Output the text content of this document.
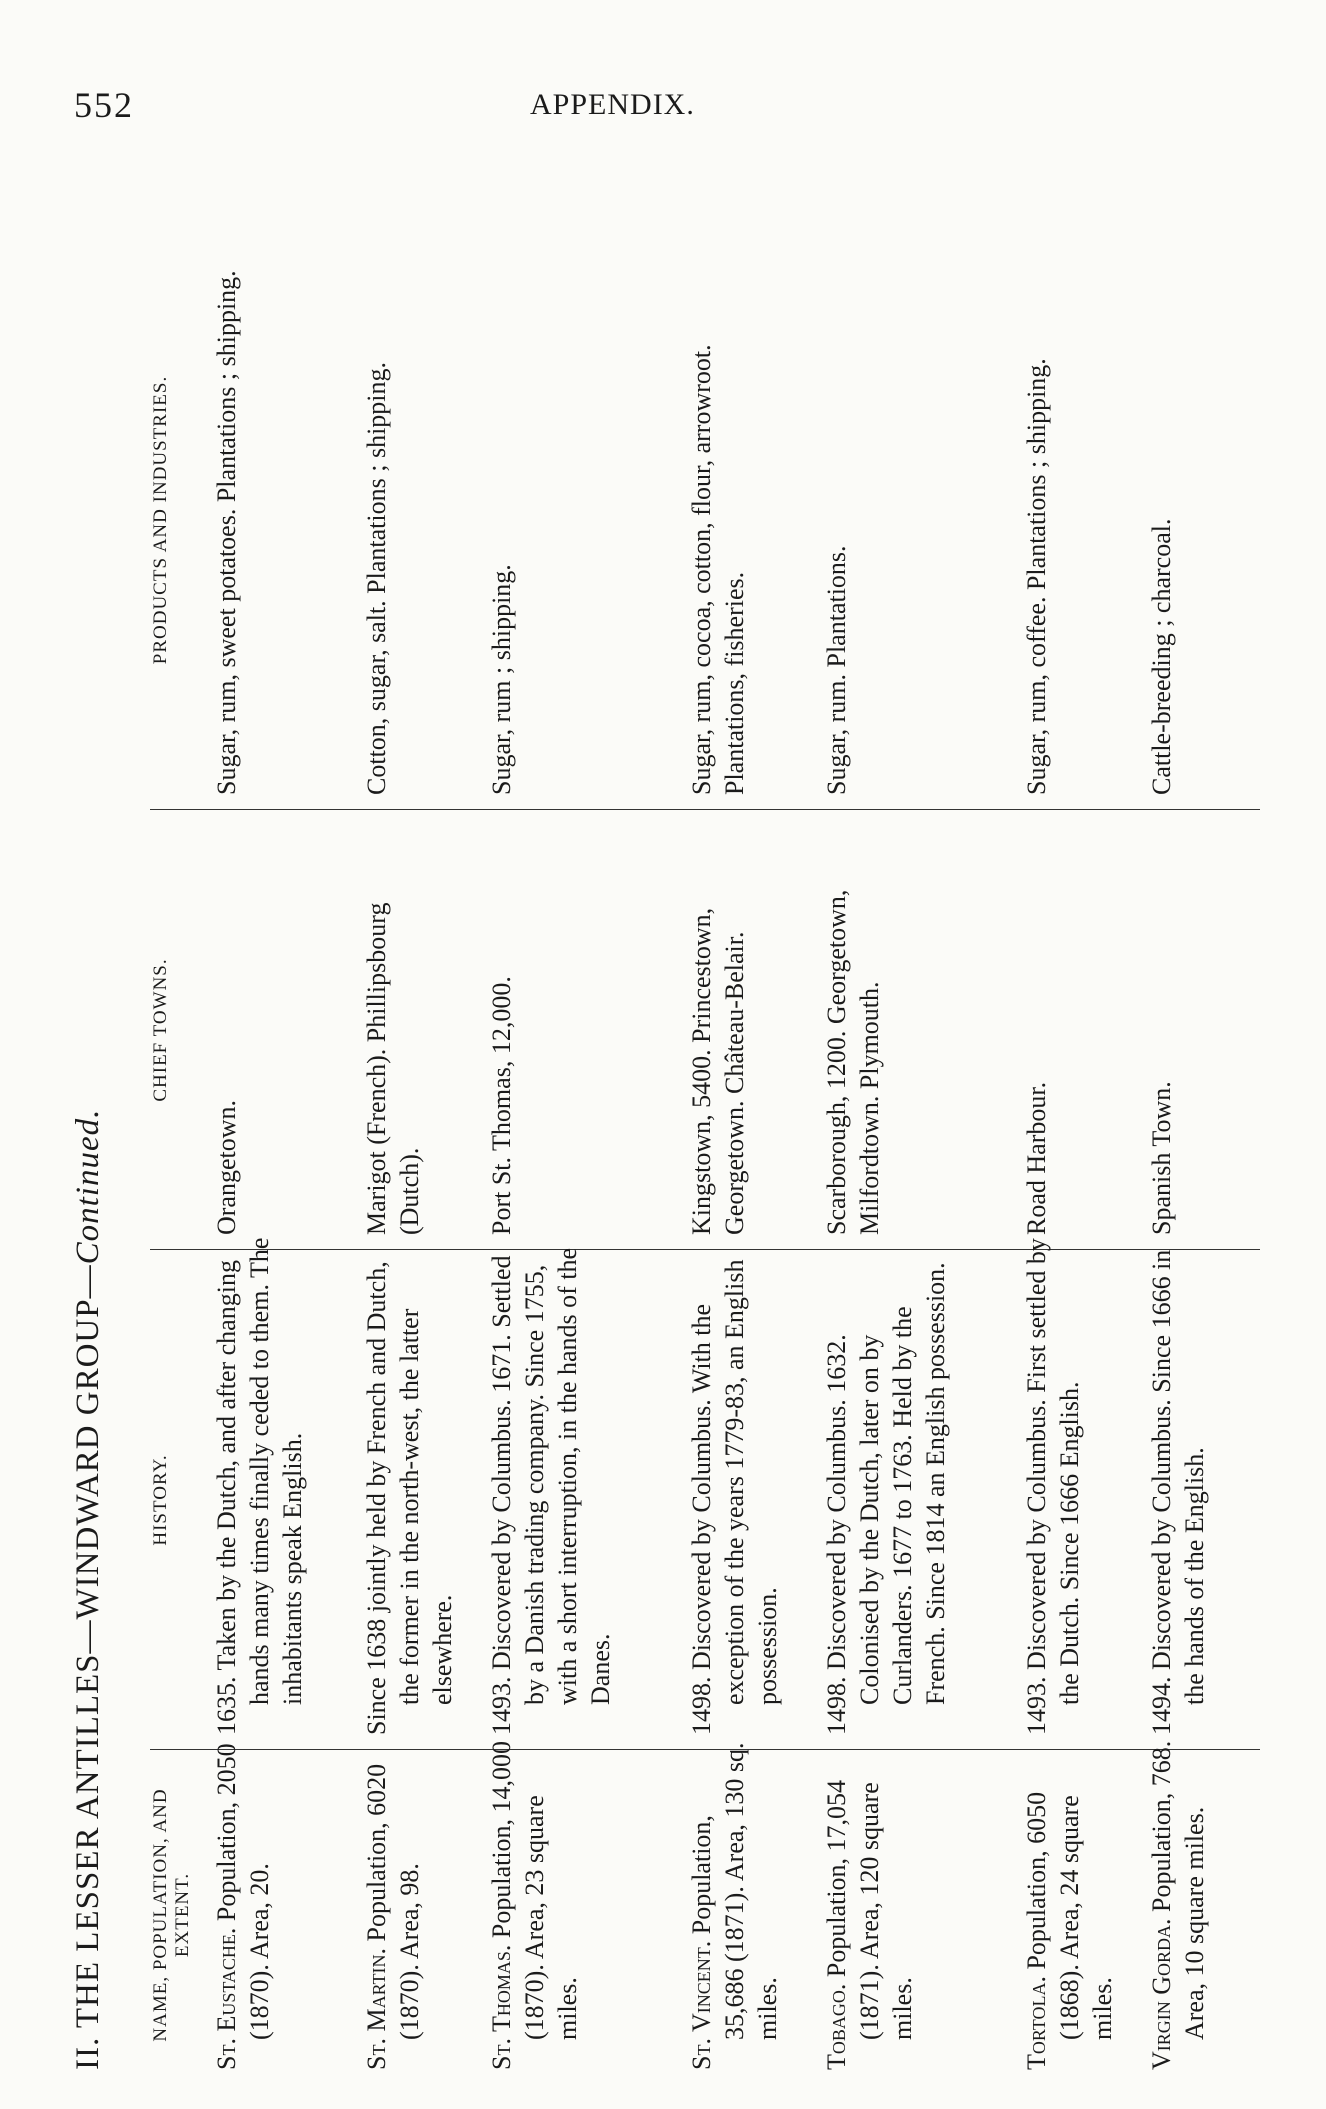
552	APPENDIX.
II. THE LESSER ANTILLES—WINDWARD GROUP—Continued.
NAME, POPULATION, AND EXTENT.
HISTORY.
CHIEF TOWNS.
PRODUCTS AND INDUSTRIES.
St. Eustache. Population, 2050 (1870). Area, 20.
1635. Taken by the Dutch, and after changing hands many times finally ceded to them. The inhabitants speak English.
Orangetown.
Sugar, rum, sweet potatoes. Plantations ; shipping.
St. Martin. Population, 6020 (1870). Area, 98.
Since 1638 jointly held by French and Dutch, the former in the north-west, the latter elsewhere.
Marigot (French). Phillipsbourg (Dutch).
Cotton, sugar, salt. Plantations ; shipping.
St. Thomas. Population, 14,000 (1870). Area, 23 square miles.
1493. Discovered by Columbus. 1671. Settled by a Danish trading company. Since 1755, with a short interruption, in the hands of the Danes.
Port St. Thomas, 12,000.
Sugar, rum ; shipping.
St. Vincent. Population, 35,686 (1871). Area, 130 sq. miles.
1498. Discovered by Columbus. With the exception of the years 1779-83, an English possession.
Kingstown, 5400. Princestown, Georgetown. Château-Belair.
Sugar, rum, cocoa, cotton, flour, arrowroot. Plantations, fisheries.
Tobago. Population, 17,054 (1871). Area, 120 square miles.
1498. Discovered by Columbus. 1632. Colonised by the Dutch, later on by Curlanders. 1677 to 1763. Held by the French. Since 1814 an English possession.
Scarborough, 1200. Georgetown, Milfordtown. Plymouth.
Sugar, rum. Plantations.
Tortola. Population, 6050 (1868). Area, 24 square miles.
1493. Discovered by Columbus. First settled by the Dutch. Since 1666 English.
Road Harbour.
Sugar, rum, coffee. Plantations ; shipping.
Virgin Gorda. Population, 768. Area, 10 square miles.
1494. Discovered by Columbus. Since 1666 in the hands of the English.
Spanish Town.
Cattle-breeding ; charcoal.
